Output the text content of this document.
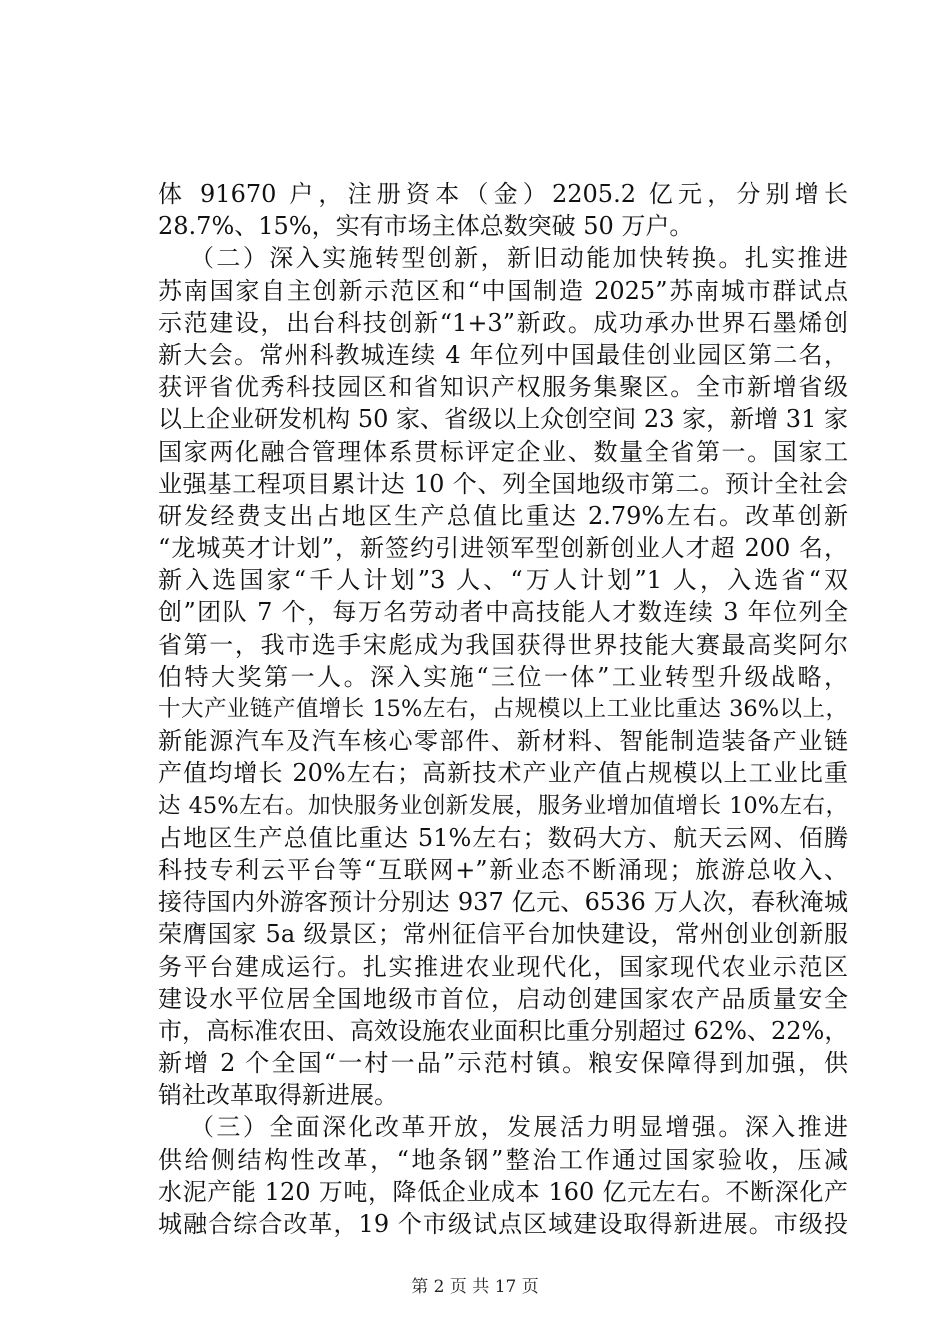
体 91670 户，注册资本（金）2205.2 亿元，分别增长
28.7%、15%，实有市场主体总数突破 50 万户。
（二）深入实施转型创新，新旧动能加快转换。扎实推进
苏南国家自主创新示范区和“中国制造 2025”苏南城市群试点
示范建设，出台科技创新“1+3”新政。成功承办世界石墨烯创
新大会。常州科教城连续 4 年位列中国最佳创业园区第二名，
获评省优秀科技园区和省知识产权服务集聚区。全市新增省级
以上企业研发机构 50 家、省级以上众创空间 23 家，新增 31 家
国家两化融合管理体系贯标评定企业、数量全省第一。国家工
业强基工程项目累计达 10 个、列全国地级市第二。预计全社会
研发经费支出占地区生产总值比重达 2.79%左右。改革创新
“龙城英才计划”，新签约引进领军型创新创业人才超 200 名，
新入选国家“千人计划”3 人、“万人计划”1 人，入选省“双
创”团队 7 个，每万名劳动者中高技能人才数连续 3 年位列全
省第一，我市选手宋彪成为我国获得世界技能大赛最高奖阿尔
伯特大奖第一人。深入实施“三位一体”工业转型升级战略，
十大产业链产值增长 15%左右，占规模以上工业比重达 36%以上，
新能源汽车及汽车核心零部件、新材料、智能制造装备产业链
产值均增长 20%左右；高新技术产业产值占规模以上工业比重
达 45%左右。加快服务业创新发展，服务业增加值增长 10%左右，
占地区生产总值比重达 51%左右；数码大方、航天云网、佰腾
科技专利云平台等“互联网+”新业态不断涌现；旅游总收入、
接待国内外游客预计分别达 937 亿元、6536 万人次，春秋淹城
荣膺国家 5a 级景区；常州征信平台加快建设，常州创业创新服
务平台建成运行。扎实推进农业现代化，国家现代农业示范区
建设水平位居全国地级市首位，启动创建国家农产品质量安全
市，高标准农田、高效设施农业面积比重分别超过 62%、22%，
新增 2 个全国“一村一品”示范村镇。粮安保障得到加强，供
销社改革取得新进展。
（三）全面深化改革开放，发展活力明显增强。深入推进
供给侧结构性改革，“地条钢”整治工作通过国家验收，压减
水泥产能 120 万吨，降低企业成本 160 亿元左右。不断深化产
城融合综合改革，19 个市级试点区域建设取得新进展。市级投
第 2 页 共 17 页
